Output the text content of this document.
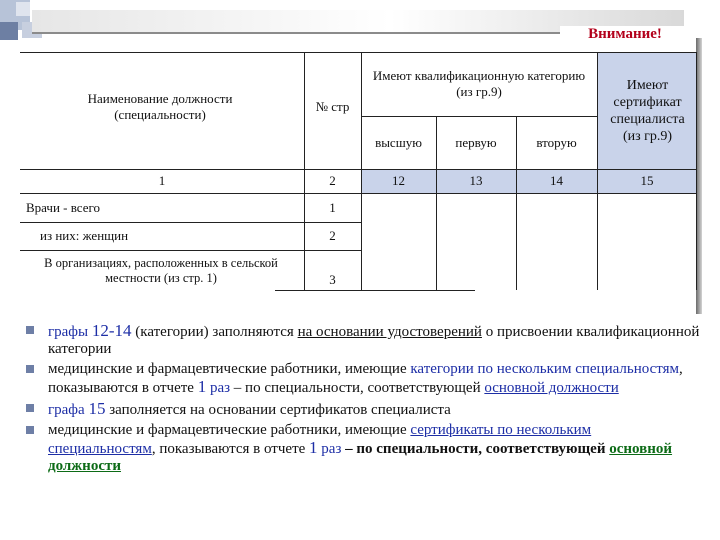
Внимание!
Наименование должности (специальности)
№ стр
Имеют квалификационную категорию (из гр.9)
высшую	первую	вторую
Имеют сертификат специалиста (из гр.9)
1	2	12	13	14	15
Врачи - всего	1
из них: женщин	2
В организациях, расположенных в сельской местности (из стр. 1)	3
графы 12-14 (категории) заполняются на основании удостоверений о присвоении квалификационной категории
медицинские и фармацевтические работники, имеющие категории по нескольким специальностям, показываются в отчете 1 раз – по специальности, соответствующей основной должности
графа 15 заполняется на основании сертификатов специалиста
медицинские и фармацевтические работники, имеющие сертификаты по нескольким специальностям, показываются в отчете 1 раз – по специальности, соответствующей основной должности
